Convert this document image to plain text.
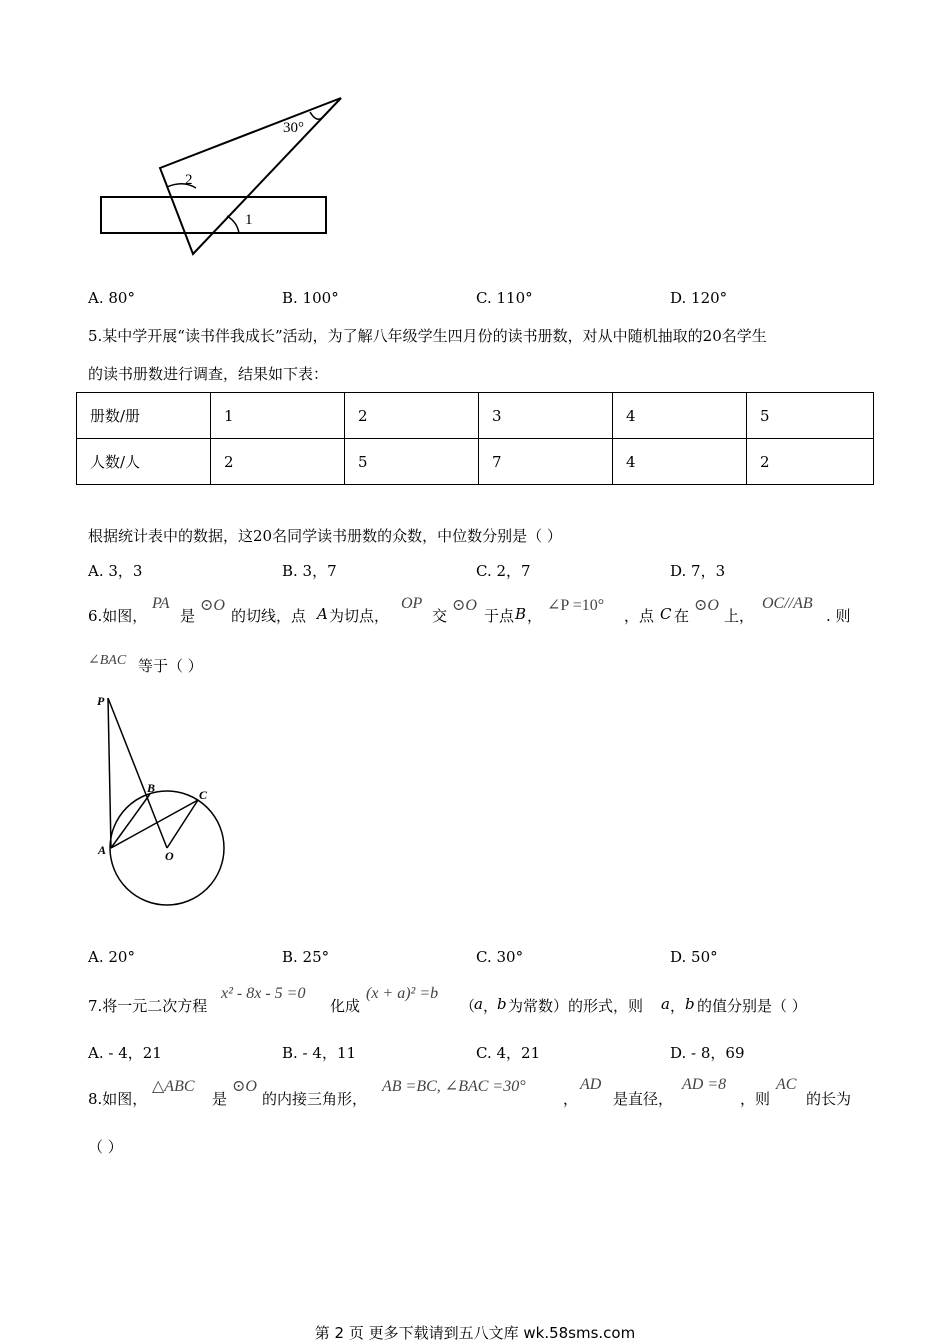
30°
2
1
A. 80°	B. 100°	C. 110°	D. 120°
5.某中学开展“读书伴我成长”活动，为了解八年级学生四月份的读书册数，对从中随机抽取的20名学生
的读书册数进行调查，结果如下表：
册数/册	1	2	3	4	5
人数/人	2	5	7	4	2
根据统计表中的数据，这20名同学读书册数的众数，中位数分别是（ ）
A. 3，3	B. 3，7	C. 2，7	D. 7，3
6.如图，
PA
是
⊙O
的切线，点 A 为切点，
OP
交
⊙O
于点 B ，
∠P =10°
，点 C 在
⊙O
上，
OC//AB
. 则
∠BAC 等于（ ）
P
B	C
A	O
A. 20°	B. 25°	C. 30°	D. 50°
7.将一元二次方程
x² - 8x - 5 =0
化成
(x + a)² =b
（
a ，
b 为常数）的形式，则 a ， b 的值分别是（ ）
A. - 4，21	B. - 4，11	C. 4，21	D. - 8，69
8.如图，
△ABC
是
⊙O
的内接三角形，
AB =BC, ∠BAC =30°
，
AD
是直径，
AD =8
，则
AC
的长为
（ ）
第 2 页 更多下载请到五八文库 wk.58sms.com
